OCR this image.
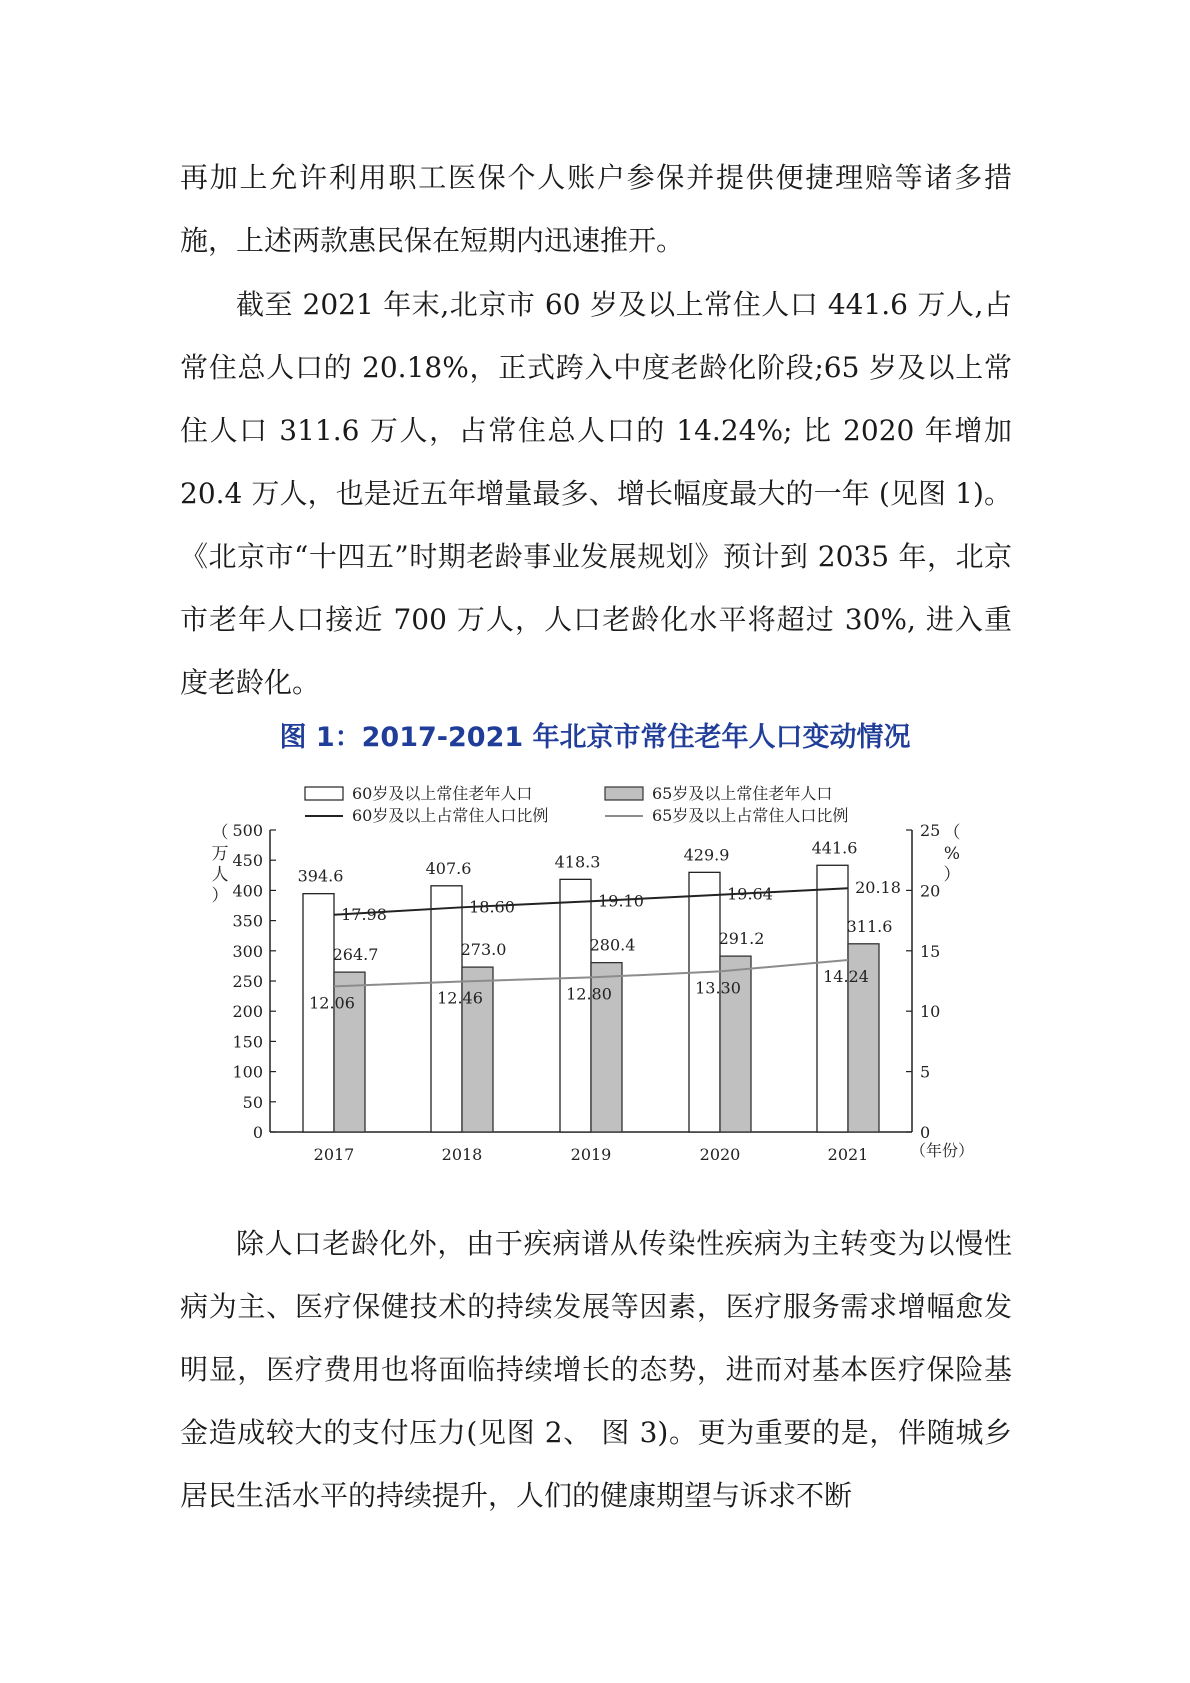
再加上允许利用职工医保个人账户参保并提供便捷理赔等诸多措施，上述两款惠民保在短期内迅速推开。

截至 2021 年末,北京市 60 岁及以上常住人口 441.6 万人,占常住总人口的 20.18%，正式跨入中度老龄化阶段;65 岁及以上常住人口 311.6 万人，占常住总人口的 14.24%; 比 2020 年增加 20.4 万人，也是近五年增量最多、增长幅度最大的一年 (见图 1)。《北京市“十四五”时期老龄事业发展规划》预计到 2035 年，北京市老年人口接近 700 万人，人口老龄化水平将超过 30%, 进入重度老龄化。

图 1：2017-2021 年北京市常住老年人口变动情况
0
50
100
150
200
250
300
350
400
450
500
0
5
10
15
20
25
（
万
人
）
（
%
）
（年份）
394.6
264.7
2017
407.6
273.0
2018
418.3
280.4
2019
429.9
291.2
2020
441.6
311.6
2021
17.98	18.60	19.10	19.64	20.18
12.06	12.46	12.80	13.30
14.24
60岁及以上常住老年人口	65岁及以上常住老年人口
60岁及以上占常住人口比例	65岁及以上占常住人口比例

除人口老龄化外，由于疾病谱从传染性疾病为主转变为以慢性病为主、医疗保健技术的持续发展等因素，医疗服务需求增幅愈发明显，医疗费用也将面临持续增长的态势，进而对基本医疗保险基金造成较大的支付压力(见图 2、 图 3)。更为重要的是，伴随城乡居民生活水平的持续提升，人们的健康期望与诉求不断
